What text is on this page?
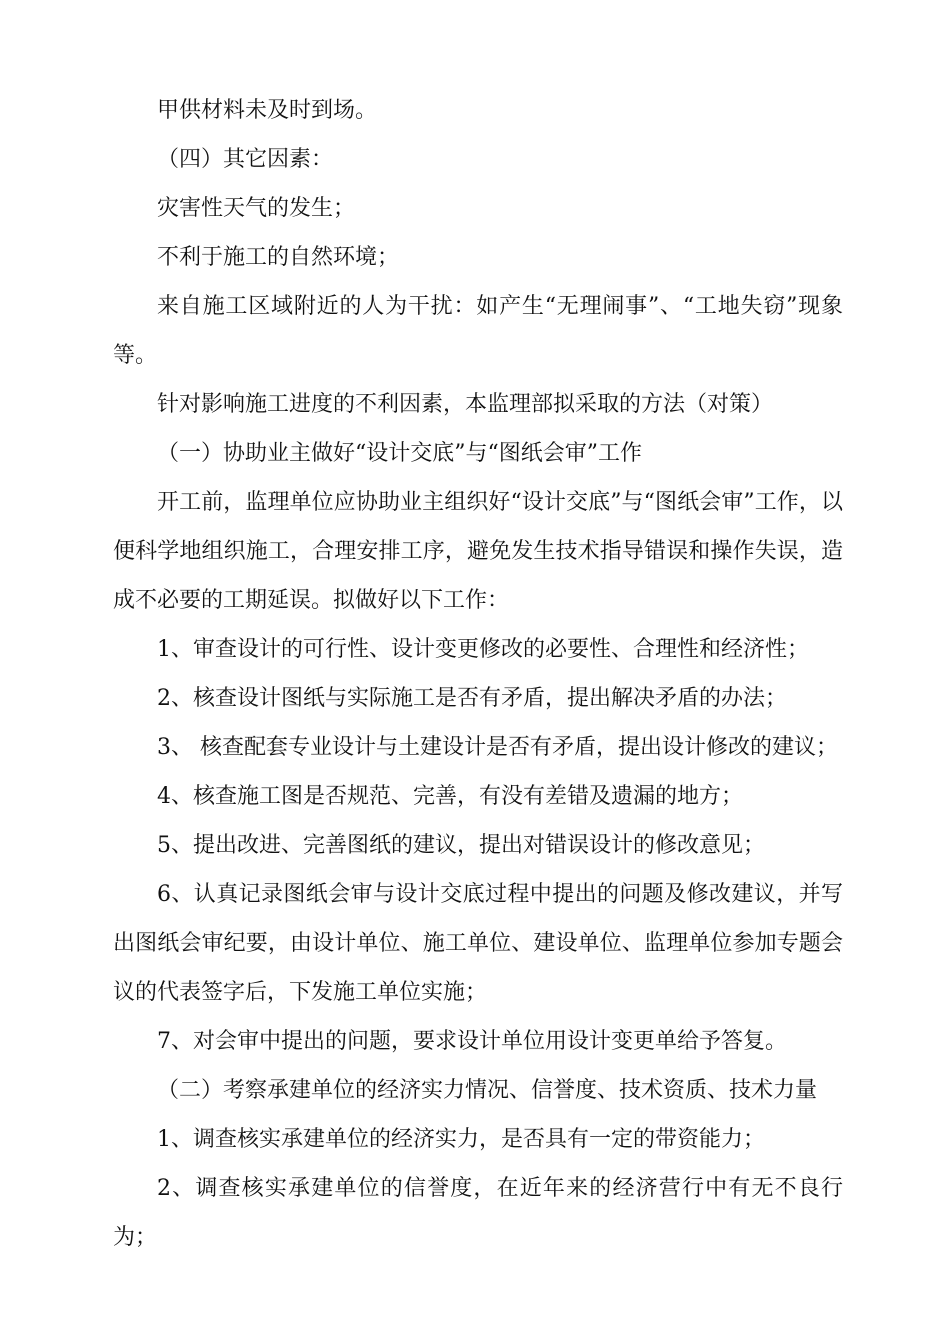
甲供材料未及时到场。

（四）其它因素：

灾害性天气的发生；

不利于施工的自然环境；

来自施工区域附近的人为干扰：如产生“无理闹事”、“工地失窃”现象等。

针对影响施工进度的不利因素，本监理部拟采取的方法（对策）

（一）协助业主做好“设计交底”与“图纸会审”工作

开工前，监理单位应协助业主组织好“设计交底”与“图纸会审”工作，以便科学地组织施工，合理安排工序，避免发生技术指导错误和操作失误，造成不必要的工期延误。拟做好以下工作：

1、审查设计的可行性、设计变更修改的必要性、合理性和经济性；

2、核查设计图纸与实际施工是否有矛盾，提出解决矛盾的办法；

3、 核查配套专业设计与土建设计是否有矛盾，提出设计修改的建议；

4、核查施工图是否规范、完善，有没有差错及遗漏的地方；

5、提出改进、完善图纸的建议，提出对错误设计的修改意见；

6、认真记录图纸会审与设计交底过程中提出的问题及修改建议，并写出图纸会审纪要，由设计单位、施工单位、建设单位、监理单位参加专题会议的代表签字后，下发施工单位实施；

7、对会审中提出的问题，要求设计单位用设计变更单给予答复。

（二）考察承建单位的经济实力情况、信誉度、技术资质、技术力量

1、调查核实承建单位的经济实力，是否具有一定的带资能力；

2、调查核实承建单位的信誉度，在近年来的经济营行中有无不良行为；
